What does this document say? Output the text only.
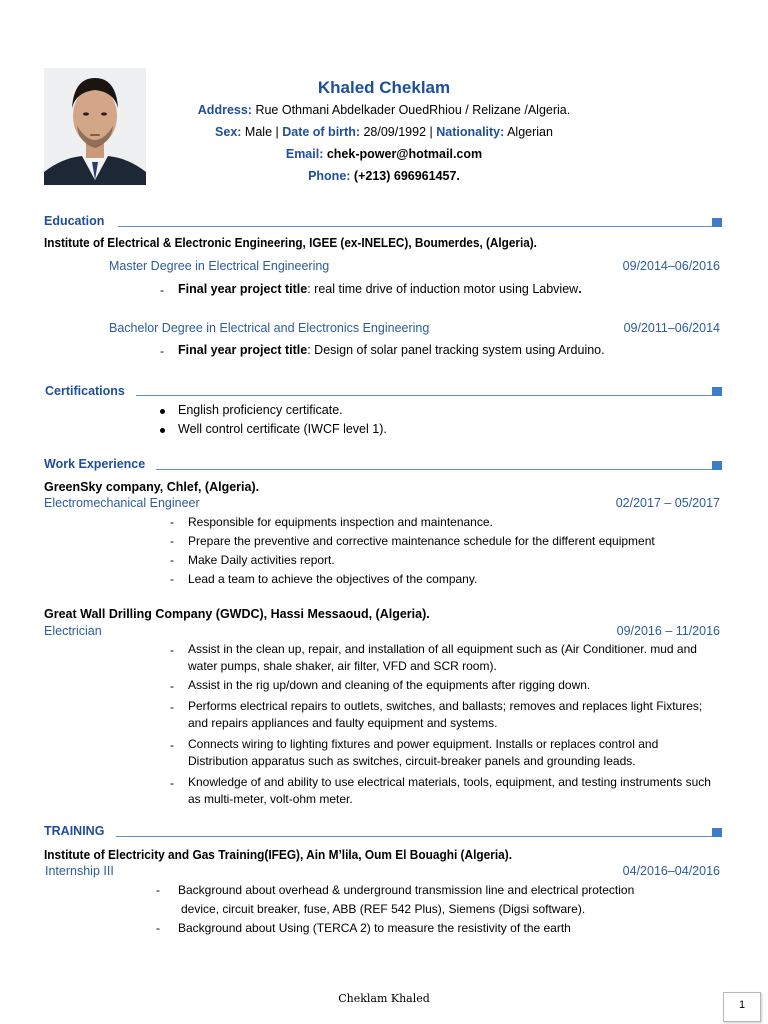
Khaled Cheklam
Address: Rue Othmani Abdelkader OuedRhiou / Relizane /Algeria.
Sex: Male | Date of birth: 28/09/1992 | Nationality: Algerian
Email: chek-power@hotmail.com
Phone: (+213) 696961457.
Education
Institute of Electrical & Electronic Engineering, IGEE (ex-INELEC), Boumerdes, (Algeria).
Master Degree in Electrical Engineering	09/2014–06/2016
- Final year project title: real time drive of induction motor using Labview.
Bachelor Degree in Electrical and Electronics Engineering	09/2011–06/2014
- Final year project title: Design of solar panel tracking system using Arduino.
Certifications
English proficiency certificate.
Well control certificate (IWCF level 1).
Work Experience
GreenSky company, Chlef, (Algeria).
Electromechanical Engineer	02/2017 – 05/2017
- Responsible for equipments inspection and maintenance.
- Prepare the preventive and corrective maintenance schedule for the different equipment
- Make Daily activities report.
- Lead a team to achieve the objectives of the company.
Great Wall Drilling Company (GWDC), Hassi Messaoud, (Algeria).
Electrician	09/2016 – 11/2016
- Assist in the clean up, repair, and installation of all equipment such as (Air Conditioner. mud and water pumps, shale shaker, air filter, VFD and SCR room).
- Assist in the rig up/down and cleaning of the equipments after rigging down.
- Performs electrical repairs to outlets, switches, and ballasts; removes and replaces light Fixtures; and repairs appliances and faulty equipment and systems.
- Connects wiring to lighting fixtures and power equipment. Installs or replaces control and Distribution apparatus such as switches, circuit-breaker panels and grounding leads.
- Knowledge of and ability to use electrical materials, tools, equipment, and testing instruments such as multi-meter, volt-ohm meter.
TRAINING
Institute of Electricity and Gas Training(IFEG), Ain M’lila, Oum El Bouaghi (Algeria).
Internship III	04/2016–04/2016
- Background about overhead & underground transmission line and electrical protection
device, circuit breaker, fuse, ABB (REF 542 Plus), Siemens (Digsi software).
- Background about Using (TERCA 2) to measure the resistivity of the earth
Cheklam Khaled	1
